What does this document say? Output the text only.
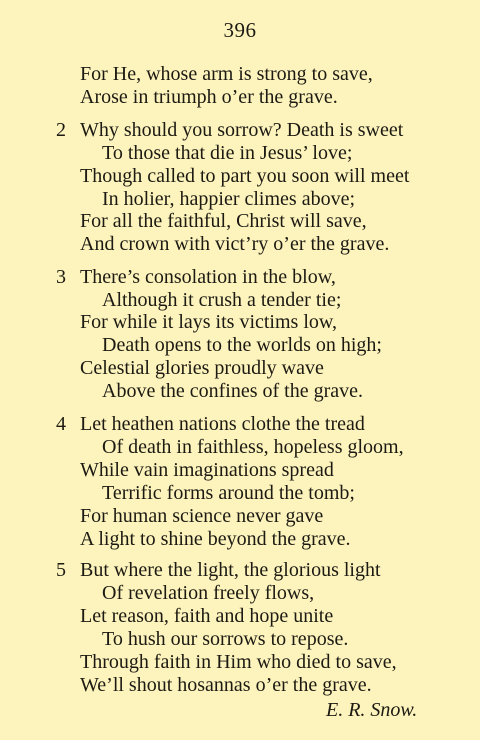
396
For He, whose arm is strong to save,
Arose in triumph o’er the grave.
2 Why should you sorrow? Death is sweet
To those that die in Jesus’ love;
Though called to part you soon will meet
In holier, happier climes above;
For all the faithful, Christ will save,
And crown with vict’ry o’er the grave.
3 There’s consolation in the blow,
Although it crush a tender tie;
For while it lays its victims low,
Death opens to the worlds on high;
Celestial glories proudly wave
Above the confines of the grave.
4 Let heathen nations clothe the tread
Of death in faithless, hopeless gloom,
While vain imaginations spread
Terrific forms around the tomb;
For human science never gave
A light to shine beyond the grave.
5 But where the light, the glorious light
Of revelation freely flows,
Let reason, faith and hope unite
To hush our sorrows to repose.
Through faith in Him who died to save,
We’ll shout hosannas o’er the grave.
E. R. Snow.
